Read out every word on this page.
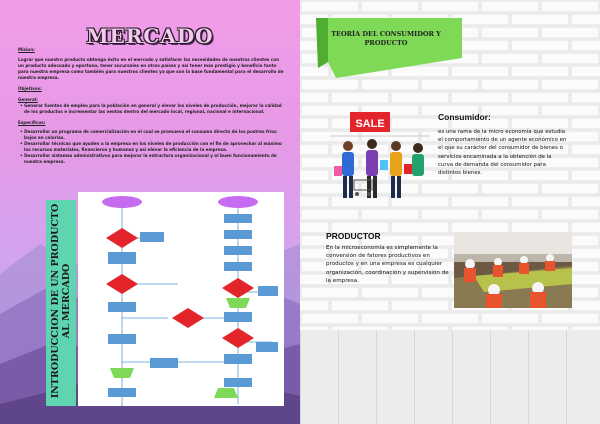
MERCADO
Mision:
Lograr que nuestro producto obtenga éxito en el mercado y satisfacer las necesidades de nuestros clientes con un producto adecuado y oportuno, tener sucursales en otros países y así tener más prestigio y beneficio tanto para nuestra empresa como también para nuestros clientes ya que son la base fundamental para el desarrollo de nuestra empresa.
Objetivos:
General:
• Generar fuentes de empleo para la población en general y elevar los niveles de producción, mejorar la calidad de los productos e incrementar las ventas dentro del mercado local, regional, nacional e internacional.
Específicos:
• Desarrollar un programa de comercialización en el cual se promueva el consumo directo de los postres fríos bajos en calorías.
• Desarrollar técnicas que ayuden a la empresa en los niveles de producción con el fin de aprovechar al máximo los recursos materiales, financieros y humanos y así elevar la eficiencia de la empresa.
• Desarrollar sistemas administrativos para mejorar la estructura organizacional y el buen funcionamiento de nuestra empresa.
INTRODUCCION DE UN PRODUCTO AL MERCADO
TEORÍA DEL CONSUMIDOR Y PRODUCTO
SALE
Consumidor:
es una rama de la micro economía que estudia el comportamiento de un agente económico en el que su carácter del consumidor de bienes o servicios encaminada a la obtención de la curva de demanda del consumidor para distintos bienes.
PRODUCTOR
En la microeconomía es simplemente la conversión de fatores productivos en productos y en una empresa es cualquier organización, coordinación y supervisión de la empresa.
